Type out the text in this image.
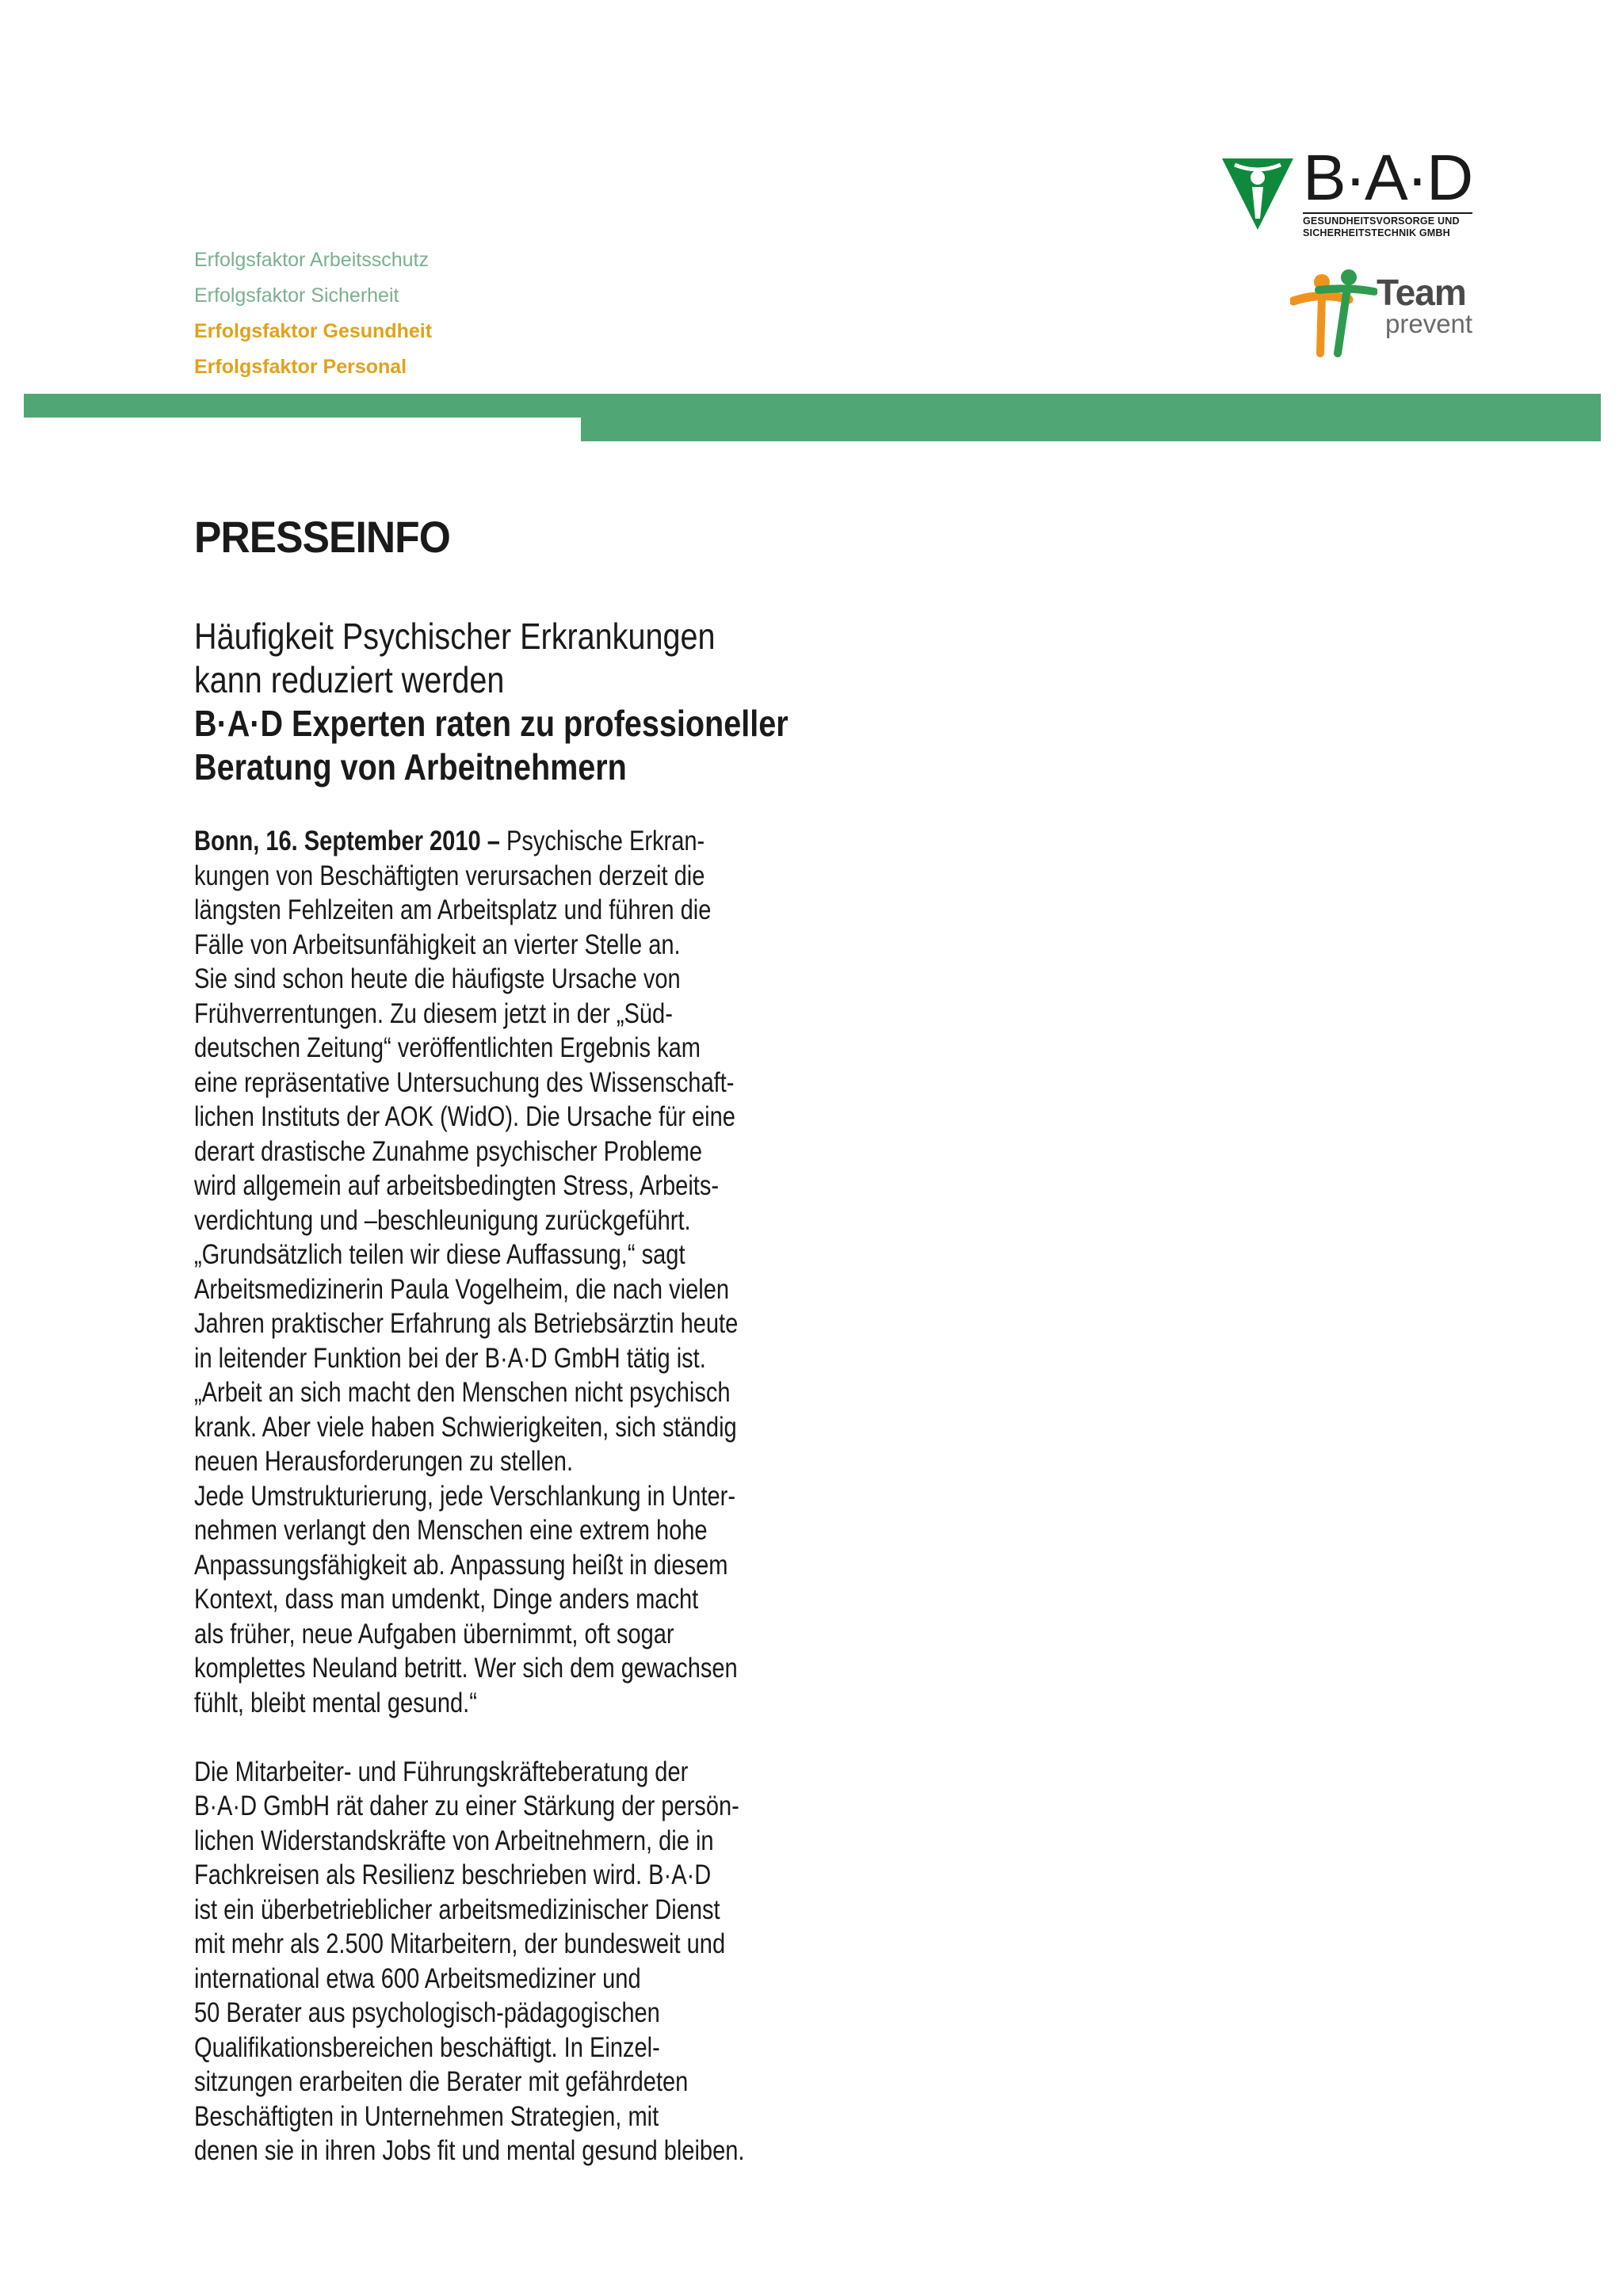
Erfolgsfaktor Arbeitsschutz
Erfolgsfaktor Sicherheit
Erfolgsfaktor Gesundheit
Erfolgsfaktor Personal
B·A·D
GESUNDHEITSVORSORGE UND
SICHERHEITSTECHNIK GMBH
Team
prevent
PRESSEINFO
Häufigkeit Psychischer Erkrankungen
kann reduziert werden
B·A·D Experten raten zu professioneller
Beratung von Arbeitnehmern
Bonn, 16. September 2010 – Psychische Erkran-
kungen von Beschäftigten verursachen derzeit die
längsten Fehlzeiten am Arbeitsplatz und führen die
Fälle von Arbeitsunfähigkeit an vierter Stelle an.
Sie sind schon heute die häufigste Ursache von
Frühverrentungen. Zu diesem jetzt in der „Süd-
deutschen Zeitung“ veröffentlichten Ergebnis kam
eine repräsentative Untersuchung des Wissenschaft-
lichen Instituts der AOK (WidO). Die Ursache für eine
derart drastische Zunahme psychischer Probleme
wird allgemein auf arbeitsbedingten Stress, Arbeits-
verdichtung und –beschleunigung zurückgeführt.
„Grundsätzlich teilen wir diese Auffassung,“ sagt
Arbeitsmedizinerin Paula Vogelheim, die nach vielen
Jahren praktischer Erfahrung als Betriebsärztin heute
in leitender Funktion bei der B·A·D GmbH tätig ist.
„Arbeit an sich macht den Menschen nicht psychisch
krank. Aber viele haben Schwierigkeiten, sich ständig
neuen Herausforderungen zu stellen.
Jede Umstrukturierung, jede Verschlankung in Unter-
nehmen verlangt den Menschen eine extrem hohe
Anpassungsfähigkeit ab. Anpassung heißt in diesem
Kontext, dass man umdenkt, Dinge anders macht
als früher, neue Aufgaben übernimmt, oft sogar
komplettes Neuland betritt. Wer sich dem gewachsen
fühlt, bleibt mental gesund.“
Die Mitarbeiter- und Führungskräfteberatung der
B·A·D GmbH rät daher zu einer Stärkung der persön-
lichen Widerstandskräfte von Arbeitnehmern, die in
Fachkreisen als Resilienz beschrieben wird. B·A·D
ist ein überbetrieblicher arbeitsmedizinischer Dienst
mit mehr als 2.500 Mitarbeitern, der bundesweit und
international etwa 600 Arbeitsmediziner und
50 Berater aus psychologisch-pädagogischen
Qualifikationsbereichen beschäftigt. In Einzel-
sitzungen erarbeiten die Berater mit gefährdeten
Beschäftigten in Unternehmen Strategien, mit
denen sie in ihren Jobs fit und mental gesund bleiben.
